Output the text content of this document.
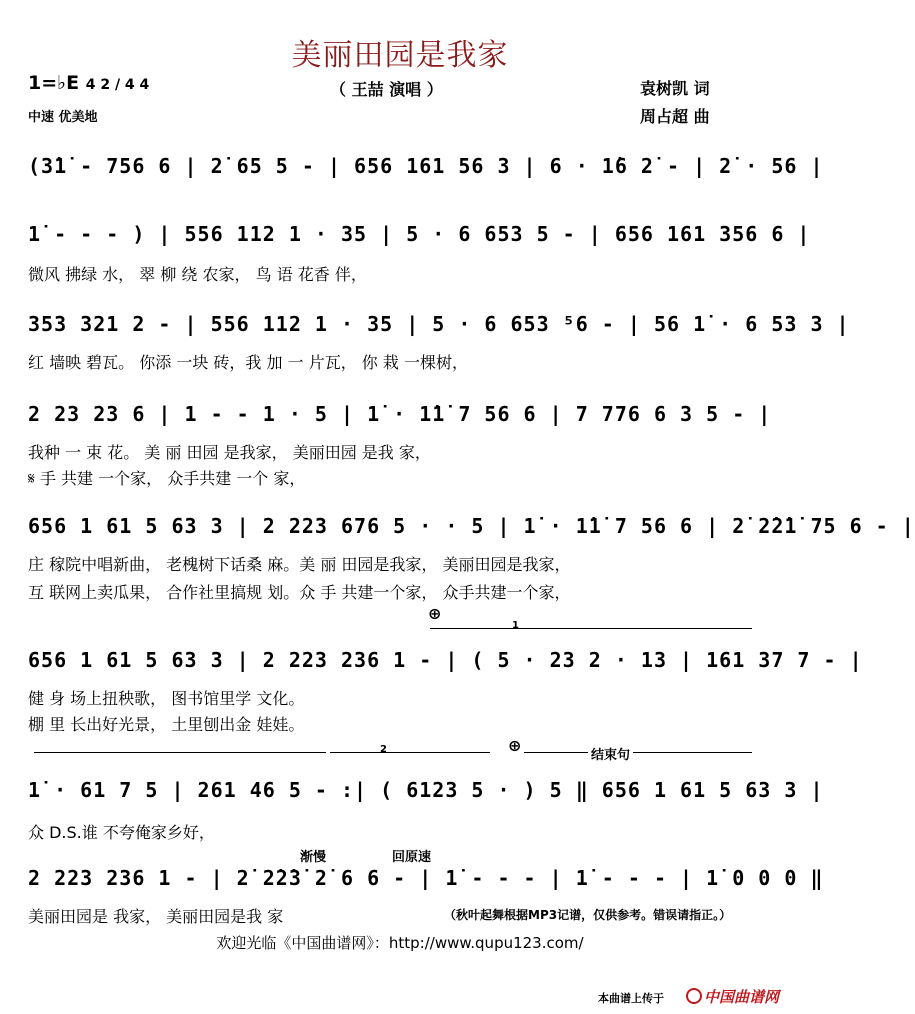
美丽田园是我家
1=♭E 4 2 / 4 4
中速 优美地
（ 王喆 演唱 ）	袁树凯 词
周占超 曲
(3̇1̇ - 756 6 | 2̇ 65 5 - | 656 161 56 3 | 6 · 1̇6 2̇ - | 2̇ · 56 |
1̇ - - - ) | 556 112 1 · 35 | 5 · 6 653 5 - | 656 161 356 6 |
微风 拂绿 水， 翠 柳 绕 农家， 鸟 语 花香 伴，
353 321 2 - | 556 112 1 · 35 | 5 · 6 653 ⁵6 - | 56 1̇ · 6 53 3 |
红 墙映 碧瓦。 你添 一块 砖，我 加 一 片瓦， 你 栽 一棵树，
2 23 23 6 | 1 - - 1 · 5 | 1̇ · 1̇1̇ 7 56 6 | 7 776 6 3 5 - |
我种 一 束 花。 美 丽 田园 是我家， 美丽田园 是我 家，
𝄋 手 共建 一个家， 众手共建 一个 家，
656 1 61 5 63 3 | 2 223 676 5 · · 5 | 1̇ · 1̇1̇ 7 56 6 | 2̇ 2̇2̇1̇ 75 6 - |
庄 稼院中唱新曲， 老槐树下话桑 麻。美 丽 田园是我家， 美丽田园是我家，
互 联网上卖瓜果， 合作社里搞规 划。众 手 共建一个家， 众手共建一个家，
⊕
1
656 1 61 5 63 3 | 2 223 236 1 - | ( 5 · 23 2 · 13 | 161 37 7 - |
健 身 场上扭秧歌， 图书馆里学 文化。
棚 里 长出好光景， 土里刨出金 娃娃。
2	⊕
结束句
1̇ · 61 7 5 | 261 46 5 - :| ( 6123 5 · ) 5 ‖ 656 1 61 5 63 3 |
众 D.S.谁 不夸俺家乡好，
渐慢	回原速
2 223 236 1 - | 2̇ 2̇2̇3̇ 2̇ 6 6 - | 1̇ - - - | 1̇ - - - | 1̇ 0 0 0 ‖
美丽田园是 我家， 美丽田园是我 家	（秋叶起舞根据MP3记谱，仅供参考。错误请指正。）
欢迎光临《中国曲谱网》：http://www.qupu123.com/
本曲谱上传于	中国曲谱网
